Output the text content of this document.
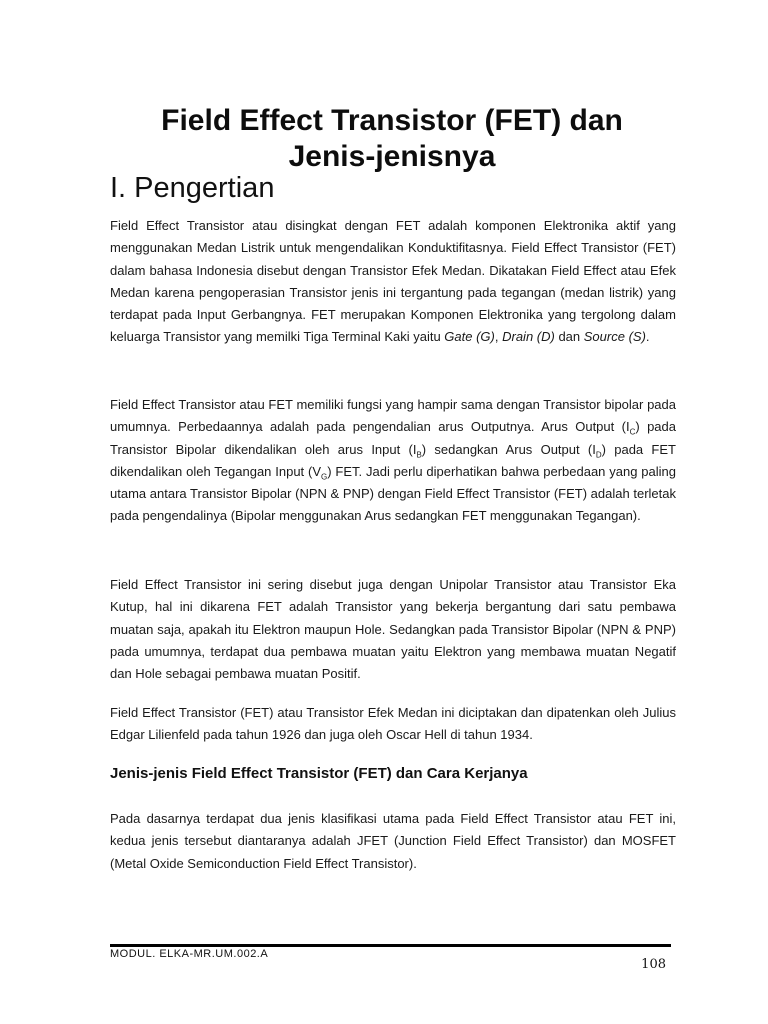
Field Effect Transistor (FET) dan
Jenis-jenisnya
I. Pengertian

Field Effect Transistor atau disingkat dengan FET adalah komponen Elektronika aktif yang menggunakan Medan Listrik untuk mengendalikan Konduktifitasnya. Field Effect Transistor (FET) dalam bahasa Indonesia disebut dengan Transistor Efek Medan. Dikatakan Field Effect atau Efek Medan karena pengoperasian Transistor jenis ini tergantung pada tegangan (medan listrik) yang terdapat pada Input Gerbangnya. FET merupakan Komponen Elektronika yang tergolong dalam keluarga Transistor yang memilki Tiga Terminal Kaki yaitu Gate (G), Drain (D) dan Source (S).

Field Effect Transistor atau FET memiliki fungsi yang hampir sama dengan Transistor bipolar pada umumnya. Perbedaannya adalah pada pengendalian arus Outputnya. Arus Output $(I_C)$ pada Transistor Bipolar dikendalikan oleh arus Input $(I_B)$ sedangkan Arus Output $(I_D)$ pada FET dikendalikan oleh Tegangan Input $(V_G)$ FET. Jadi perlu diperhatikan bahwa perbedaan yang paling utama antara Transistor Bipolar (NPN & PNP) dengan Field Effect Transistor (FET) adalah terletak pada pengendalinya (Bipolar menggunakan Arus sedangkan FET menggunakan Tegangan).

Field Effect Transistor ini sering disebut juga dengan Unipolar Transistor atau Transistor Eka Kutup, hal ini dikarena FET adalah Transistor yang bekerja bergantung dari satu pembawa muatan saja, apakah itu Elektron maupun Hole. Sedangkan pada Transistor Bipolar (NPN & PNP) pada umumnya, terdapat dua pembawa muatan yaitu Elektron yang membawa muatan Negatif dan Hole sebagai pembawa muatan Positif.

Field Effect Transistor (FET) atau Transistor Efek Medan ini diciptakan dan dipatenkan oleh Julius Edgar Lilienfeld pada tahun 1926 dan juga oleh Oscar Hell di tahun 1934.

Jenis-jenis Field Effect Transistor (FET) dan Cara Kerjanya

Pada dasarnya terdapat dua jenis klasifikasi utama pada Field Effect Transistor atau FET ini, kedua jenis tersebut diantaranya adalah JFET (Junction Field Effect Transistor) dan MOSFET (Metal Oxide Semiconduction Field Effect Transistor).

MODUL. ELKA-MR.UM.002.A
108
